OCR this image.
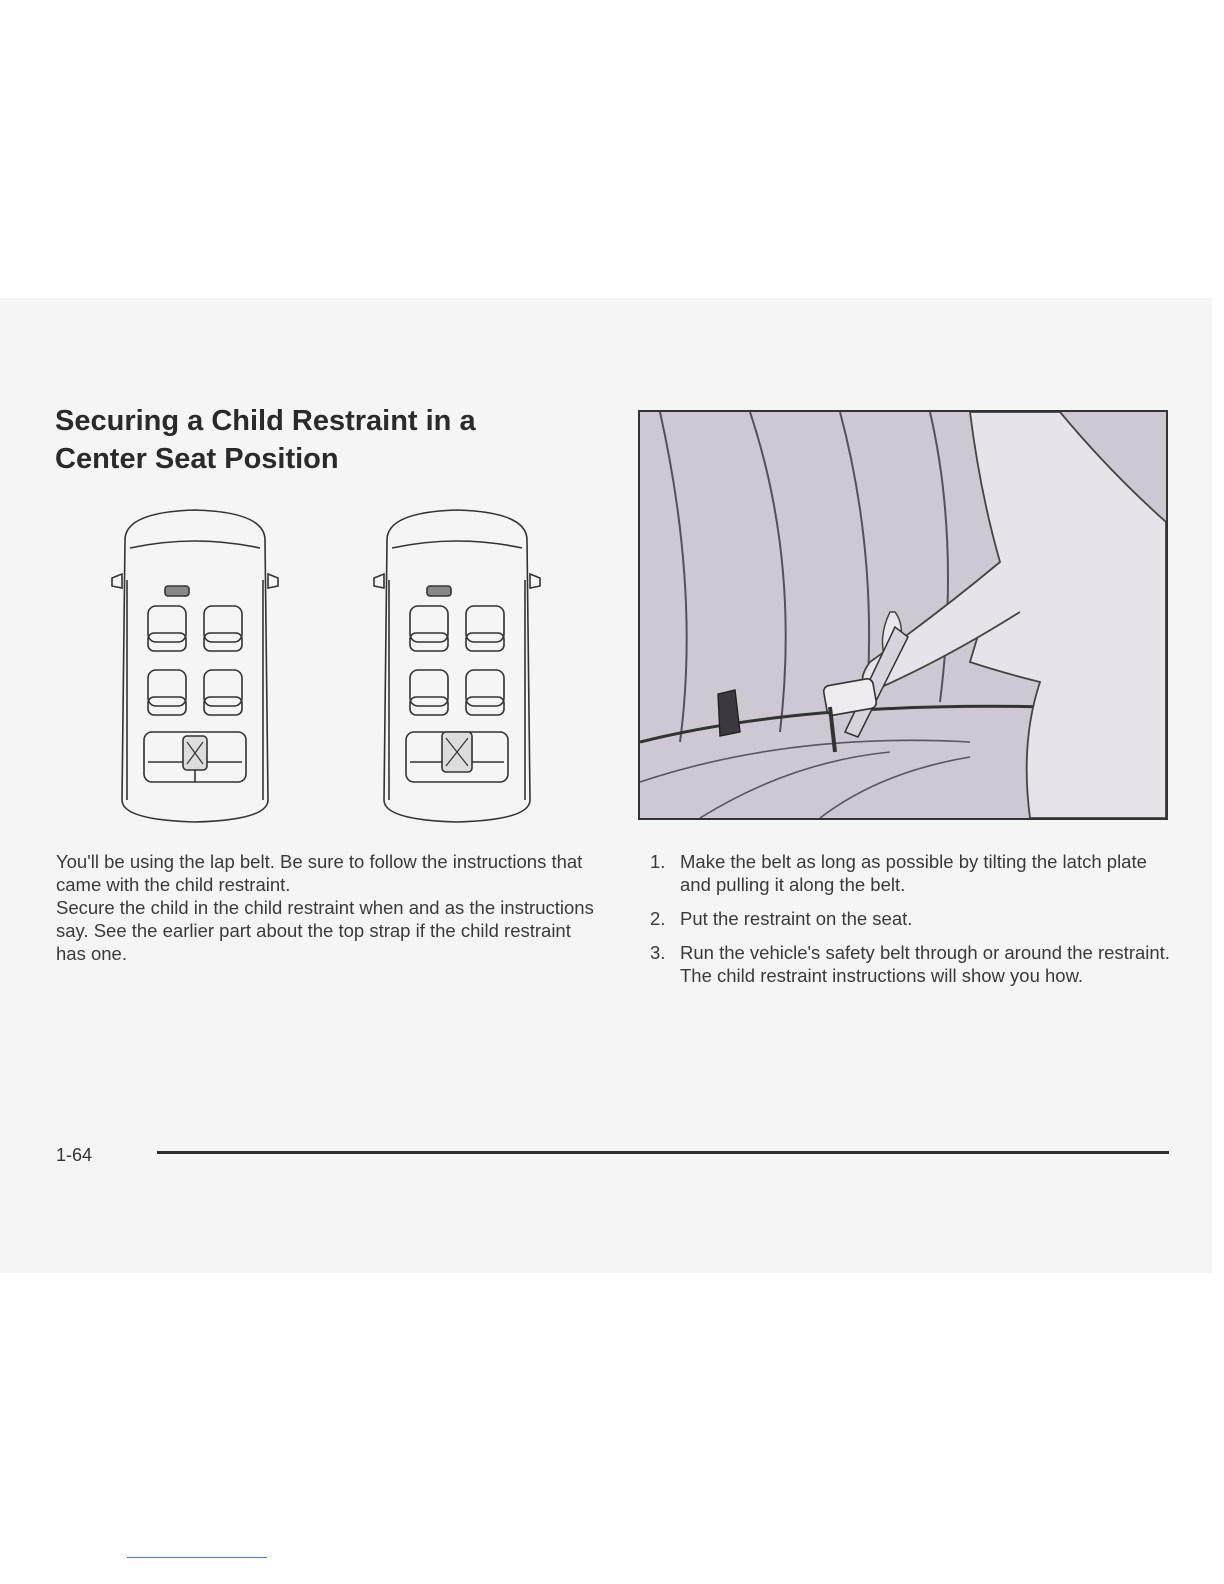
Securing a Child Restraint in a
Center Seat Position

You'll be using the lap belt. Be sure to follow the instructions that came with the child restraint.

Secure the child in the child restraint when and as the instructions say. See the earlier part about the top strap if the child restraint has one.

1. Make the belt as long as possible by tilting the latch plate and pulling it along the belt.
2. Put the restraint on the seat.
3. Run the vehicle's safety belt through or around the restraint. The child restraint instructions will show you how.
1-64
